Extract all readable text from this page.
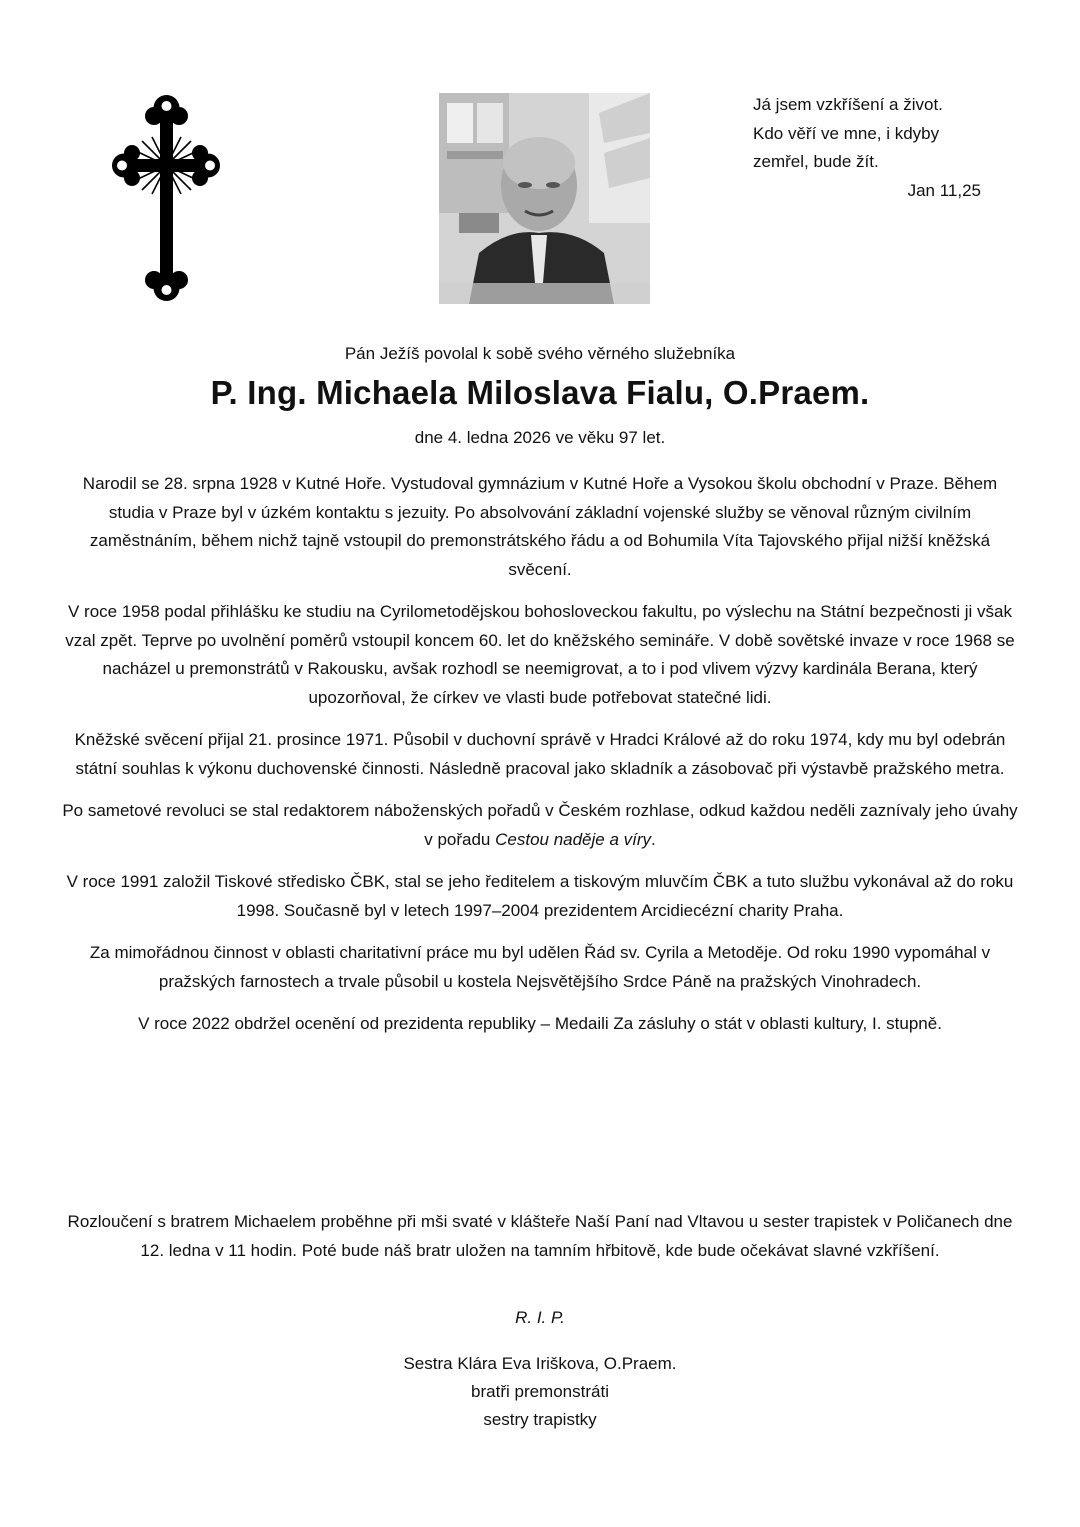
Já jsem vzkříšení a život.
Kdo věří ve mne, i kdyby
zemřel, bude žít.
Jan 11,25
Pán Ježíš povolal k sobě svého věrného služebníka
P. Ing. Michaela Miloslava Fialu, O.Praem.
dne 4. ledna 2026 ve věku 97 let.

Narodil se 28. srpna 1928 v Kutné Hoře. Vystudoval gymnázium v Kutné Hoře a Vysokou školu obchodní v Praze. Během studia v Praze byl v úzkém kontaktu s jezuity. Po absolvování základní vojenské služby se věnoval různým civilním zaměstnáním, během nichž tajně vstoupil do premonstrátského řádu a od Bohumila Víta Tajovského přijal nižší kněžská svěcení.

V roce 1958 podal přihlášku ke studiu na Cyrilometodějskou bohosloveckou fakultu, po výslechu na Státní bezpečnosti ji však vzal zpět. Teprve po uvolnění poměrů vstoupil koncem 60. let do kněžského semináře. V době sovětské invaze v roce 1968 se nacházel u premonstrátů v Rakousku, avšak rozhodl se neemigrovat, a to i pod vlivem výzvy kardinála Berana, který upozorňoval, že církev ve vlasti bude potřebovat statečné lidi.

Kněžské svěcení přijal 21. prosince 1971. Působil v duchovní správě v Hradci Králové až do roku 1974, kdy mu byl odebrán státní souhlas k výkonu duchovenské činnosti. Následně pracoval jako skladník a zásobovač při výstavbě pražského metra.

Po sametové revoluci se stal redaktorem náboženských pořadů v Českém rozhlase, odkud každou neděli zaznívaly jeho úvahy v pořadu Cestou naděje a víry.

V roce 1991 založil Tiskové středisko ČBK, stal se jeho ředitelem a tiskovým mluvčím ČBK a tuto službu vykonával až do roku 1998. Současně byl v letech 1997–2004 prezidentem Arcidiecézní charity Praha.

Za mimořádnou činnost v oblasti charitativní práce mu byl udělen Řád sv. Cyrila a Metoděje. Od roku 1990 vypomáhal v pražských farnostech a trvale působil u kostela Nejsvětějšího Srdce Páně na pražských Vinohradech.

V roce 2022 obdržel ocenění od prezidenta republiky – Medaili Za zásluhy o stát v oblasti kultury, I. stupně.

Rozloučení s bratrem Michaelem proběhne při mši svaté v klášteře Naší Paní nad Vltavou u sester trapistek v Poličanech dne 12. ledna v 11 hodin. Poté bude náš bratr uložen na tamním hřbitově, kde bude očekávat slavné vzkříšení.
R. I. P.
Sestra Klára Eva Iriškova, O.Praem.
bratři premonstráti
sestry trapistky
